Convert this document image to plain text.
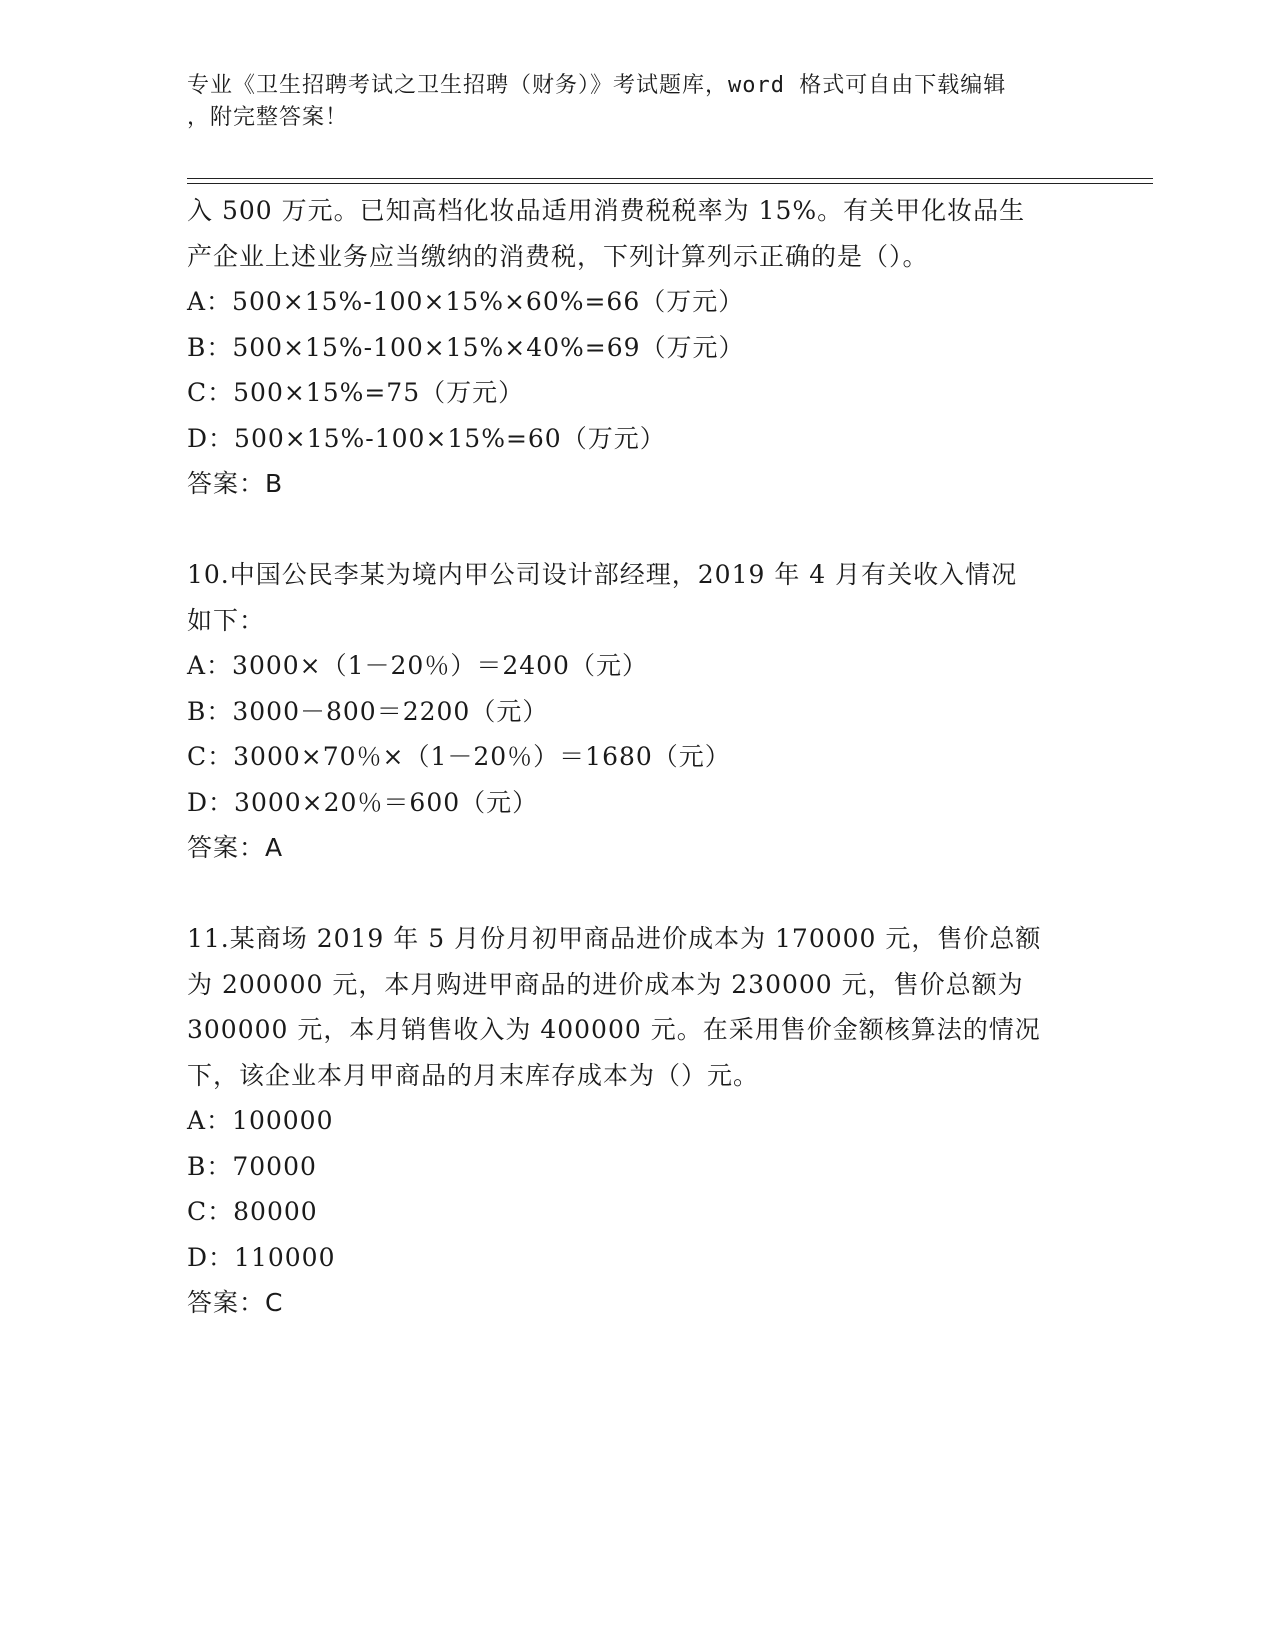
专业《卫生招聘考试之卫生招聘（财务）》考试题库，word 格式可自由下载编辑
，附完整答案！
入 500 万元。已知高档化妆品适用消费税税率为 15%。有关甲化妆品生
产企业上述业务应当缴纳的消费税，下列计算列示正确的是（）。
A：500×15%-100×15%×60%=66（万元）
B：500×15%-100×15%×40%=69（万元）
C：500×15%=75（万元）
D：500×15%-100×15%=60（万元）
答案：B
10.中国公民李某为境内甲公司设计部经理，2019 年 4 月有关收入情况
如下：
A：3000×（1－20％）＝2400（元）
B：3000－800＝2200（元）
C：3000×70％×（1－20％）＝1680（元）
D：3000×20％＝600（元）
答案：A
11.某商场 2019 年 5 月份月初甲商品进价成本为 170000 元，售价总额
为 200000 元，本月购进甲商品的进价成本为 230000 元，售价总额为
300000 元，本月销售收入为 400000 元。在采用售价金额核算法的情况
下，该企业本月甲商品的月末库存成本为（）元。
A：100000
B：70000
C：80000
D：110000
答案：C
